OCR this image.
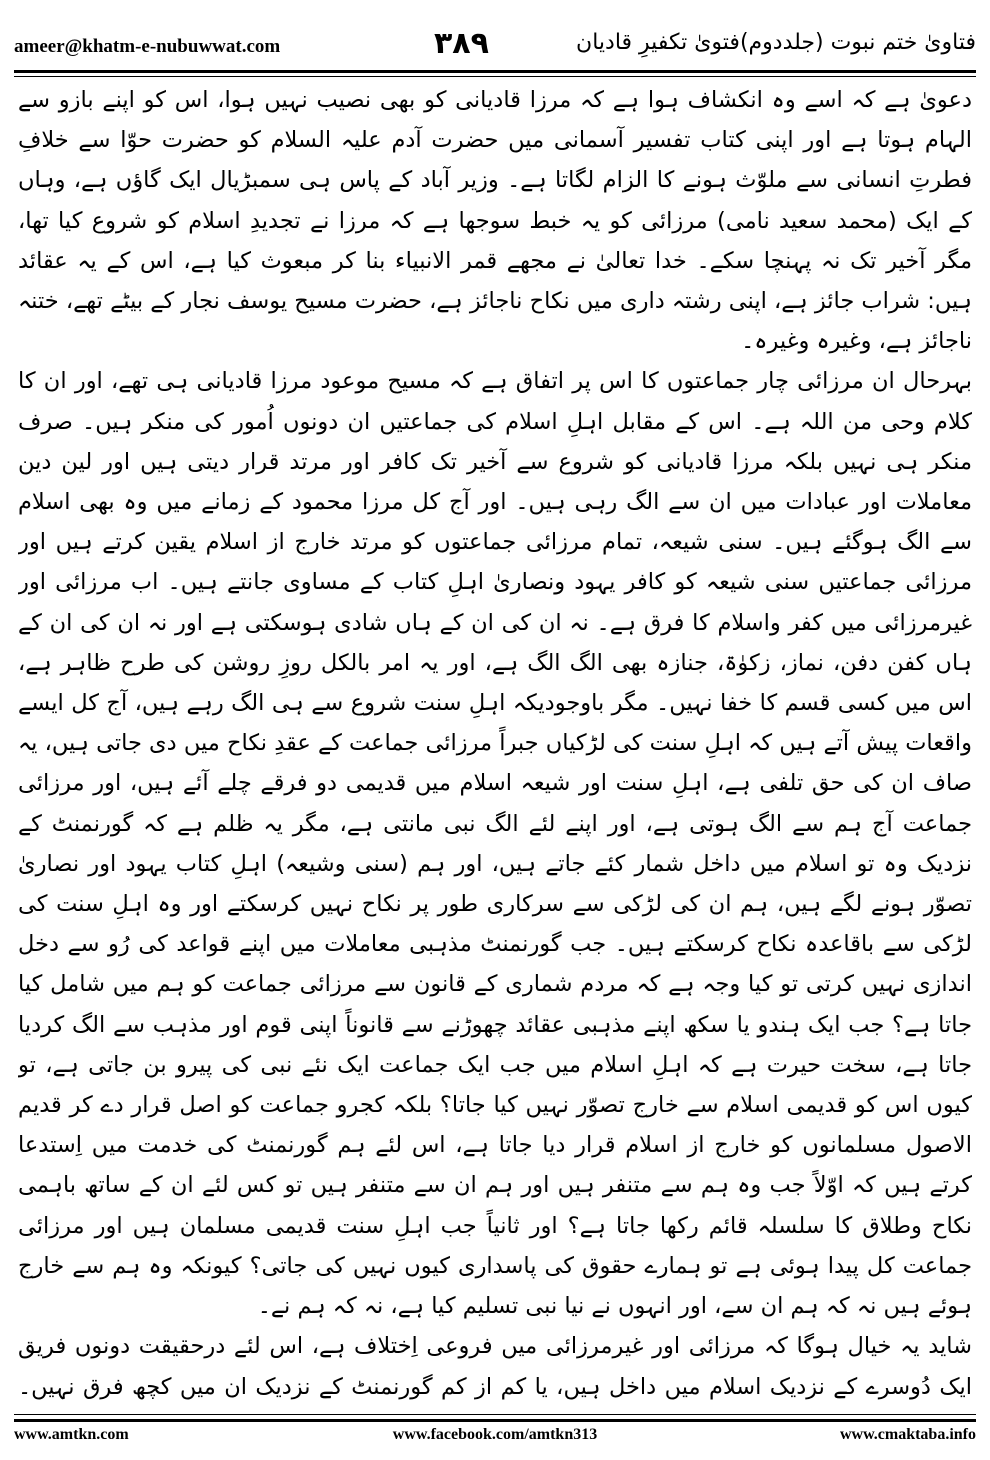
ameer@khatm-e-nubuwwat.com	۳۸۹	فتاویٰ ختم نبوت (جلددوم)فتویٰ تکفیرِ قادیان

دعویٰ ہے کہ اسے وہ انکشاف ہوا ہے کہ مرزا قادیانی کو بھی نصیب نہیں ہوا، اس کو اپنے بازو سے الہام ہوتا ہے اور اپنی کتاب تفسیر آسمانی میں حضرت آدم علیہ السلام کو حضرت حوّا سے خلافِ فطرتِ انسانی سے ملوّث ہونے کا الزام لگاتا ہے۔ وزیر آباد کے پاس ہی سمبڑیال ایک گاؤں ہے، وہاں کے ایک (محمد سعید نامی) مرزائی کو یہ خبط سوجھا ہے کہ مرزا نے تجدیدِ اسلام کو شروع کیا تھا، مگر آخیر تک نہ پہنچا سکے۔ خدا تعالیٰ نے مجھے قمر الانبیاء بنا کر مبعوث کیا ہے، اس کے یہ عقائد ہیں: شراب جائز ہے، اپنی رشتہ داری میں نکاح ناجائز ہے، حضرت مسیح یوسف نجار کے بیٹے تھے، ختنہ ناجائز ہے، وغیرہ وغیرہ۔

بہرحال ان مرزائی چار جماعتوں کا اس پر اتفاق ہے کہ مسیح موعود مرزا قادیانی ہی تھے، اور ان کا کلام وحی من اللہ ہے۔ اس کے مقابل اہلِ اسلام کی جماعتیں ان دونوں اُمور کی منکر ہیں۔ صرف منکر ہی نہیں بلکہ مرزا قادیانی کو شروع سے آخیر تک کافر اور مرتد قرار دیتی ہیں اور لین دین معاملات اور عبادات میں ان سے الگ رہی ہیں۔ اور آج کل مرزا محمود کے زمانے میں وہ بھی اسلام سے الگ ہوگئے ہیں۔ سنی شیعہ، تمام مرزائی جماعتوں کو مرتد خارج از اسلام یقین کرتے ہیں اور مرزائی جماعتیں سنی شیعہ کو کافر یہود ونصاریٰ اہلِ کتاب کے مساوی جانتے ہیں۔ اب مرزائی اور غیرمرزائی میں کفر واسلام کا فرق ہے۔ نہ ان کی ان کے ہاں شادی ہوسکتی ہے اور نہ ان کی ان کے ہاں کفن دفن، نماز، زکوٰۃ، جنازہ بھی الگ الگ ہے، اور یہ امر بالکل روزِ روشن کی طرح ظاہر ہے، اس میں کسی قسم کا خفا نہیں۔ مگر باوجودیکہ اہلِ سنت شروع سے ہی الگ رہے ہیں، آج کل ایسے واقعات پیش آتے ہیں کہ اہلِ سنت کی لڑکیاں جبراً مرزائی جماعت کے عقدِ نکاح میں دی جاتی ہیں، یہ صاف ان کی حق تلفی ہے، اہلِ سنت اور شیعہ اسلام میں قدیمی دو فرقے چلے آئے ہیں، اور مرزائی جماعت آج ہم سے الگ ہوتی ہے، اور اپنے لئے الگ نبی مانتی ہے، مگر یہ ظلم ہے کہ گورنمنٹ کے نزدیک وہ تو اسلام میں داخل شمار کئے جاتے ہیں، اور ہم (سنی وشیعہ) اہلِ کتاب یہود اور نصاریٰ تصوّر ہونے لگے ہیں، ہم ان کی لڑکی سے سرکاری طور پر نکاح نہیں کرسکتے اور وہ اہلِ سنت کی لڑکی سے باقاعدہ نکاح کرسکتے ہیں۔ جب گورنمنٹ مذہبی معاملات میں اپنے قواعد کی رُو سے دخل اندازی نہیں کرتی تو کیا وجہ ہے کہ مردم شماری کے قانون سے مرزائی جماعت کو ہم میں شامل کیا جاتا ہے؟ جب ایک ہندو یا سکھ اپنے مذہبی عقائد چھوڑنے سے قانوناً اپنی قوم اور مذہب سے الگ کردیا جاتا ہے، سخت حیرت ہے کہ اہلِ اسلام میں جب ایک جماعت ایک نئے نبی کی پیرو بن جاتی ہے، تو کیوں اس کو قدیمی اسلام سے خارج تصوّر نہیں کیا جاتا؟ بلکہ کجرو جماعت کو اصل قرار دے کر قدیم الاصول مسلمانوں کو خارج از اسلام قرار دیا جاتا ہے، اس لئے ہم گورنمنٹ کی خدمت میں اِستدعا کرتے ہیں کہ اوّلاً جب وہ ہم سے متنفر ہیں اور ہم ان سے متنفر ہیں تو کس لئے ان کے ساتھ باہمی نکاح وطلاق کا سلسلہ قائم رکھا جاتا ہے؟ اور ثانیاً جب اہلِ سنت قدیمی مسلمان ہیں اور مرزائی جماعت کل پیدا ہوئی ہے تو ہمارے حقوق کی پاسداری کیوں نہیں کی جاتی؟ کیونکہ وہ ہم سے خارج ہوئے ہیں نہ کہ ہم ان سے، اور انہوں نے نیا نبی تسلیم کیا ہے، نہ کہ ہم نے۔

شاید یہ خیال ہوگا کہ مرزائی اور غیرمرزائی میں فروعی اِختلاف ہے، اس لئے درحقیقت دونوں فریق ایک دُوسرے کے نزدیک اسلام میں داخل ہیں، یا کم از کم گورنمنٹ کے نزدیک ان میں کچھ فرق نہیں۔

www.amtkn.com	www.facebook.com/amtkn313	www.cmaktaba.info
